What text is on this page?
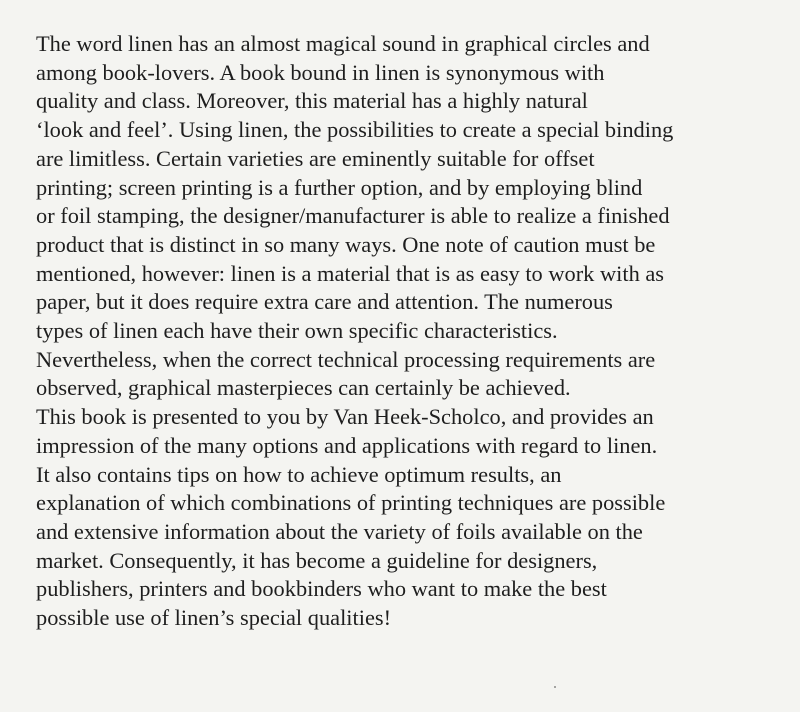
The word linen has an almost magical sound in graphical circles and
among book-lovers. A book bound in linen is synonymous with
quality and class. Moreover, this material has a highly natural
‘look and feel’. Using linen, the possibilities to create a special binding
are limitless. Certain varieties are eminently suitable for offset
printing; screen printing is a further option, and by employing blind
or foil stamping, the designer/manufacturer is able to realize a finished
product that is distinct in so many ways. One note of caution must be
mentioned, however: linen is a material that is as easy to work with as
paper, but it does require extra care and attention. The numerous
types of linen each have their own specific characteristics.
Nevertheless, when the correct technical processing requirements are
observed, graphical masterpieces can certainly be achieved.
This book is presented to you by Van Heek-Scholco, and provides an
impression of the many options and applications with regard to linen.
It also contains tips on how to achieve optimum results, an
explanation of which combinations of printing techniques are possible
and extensive information about the variety of foils available on the
market. Consequently, it has become a guideline for designers,
publishers, printers and bookbinders who want to make the best
possible use of linen’s special qualities!
